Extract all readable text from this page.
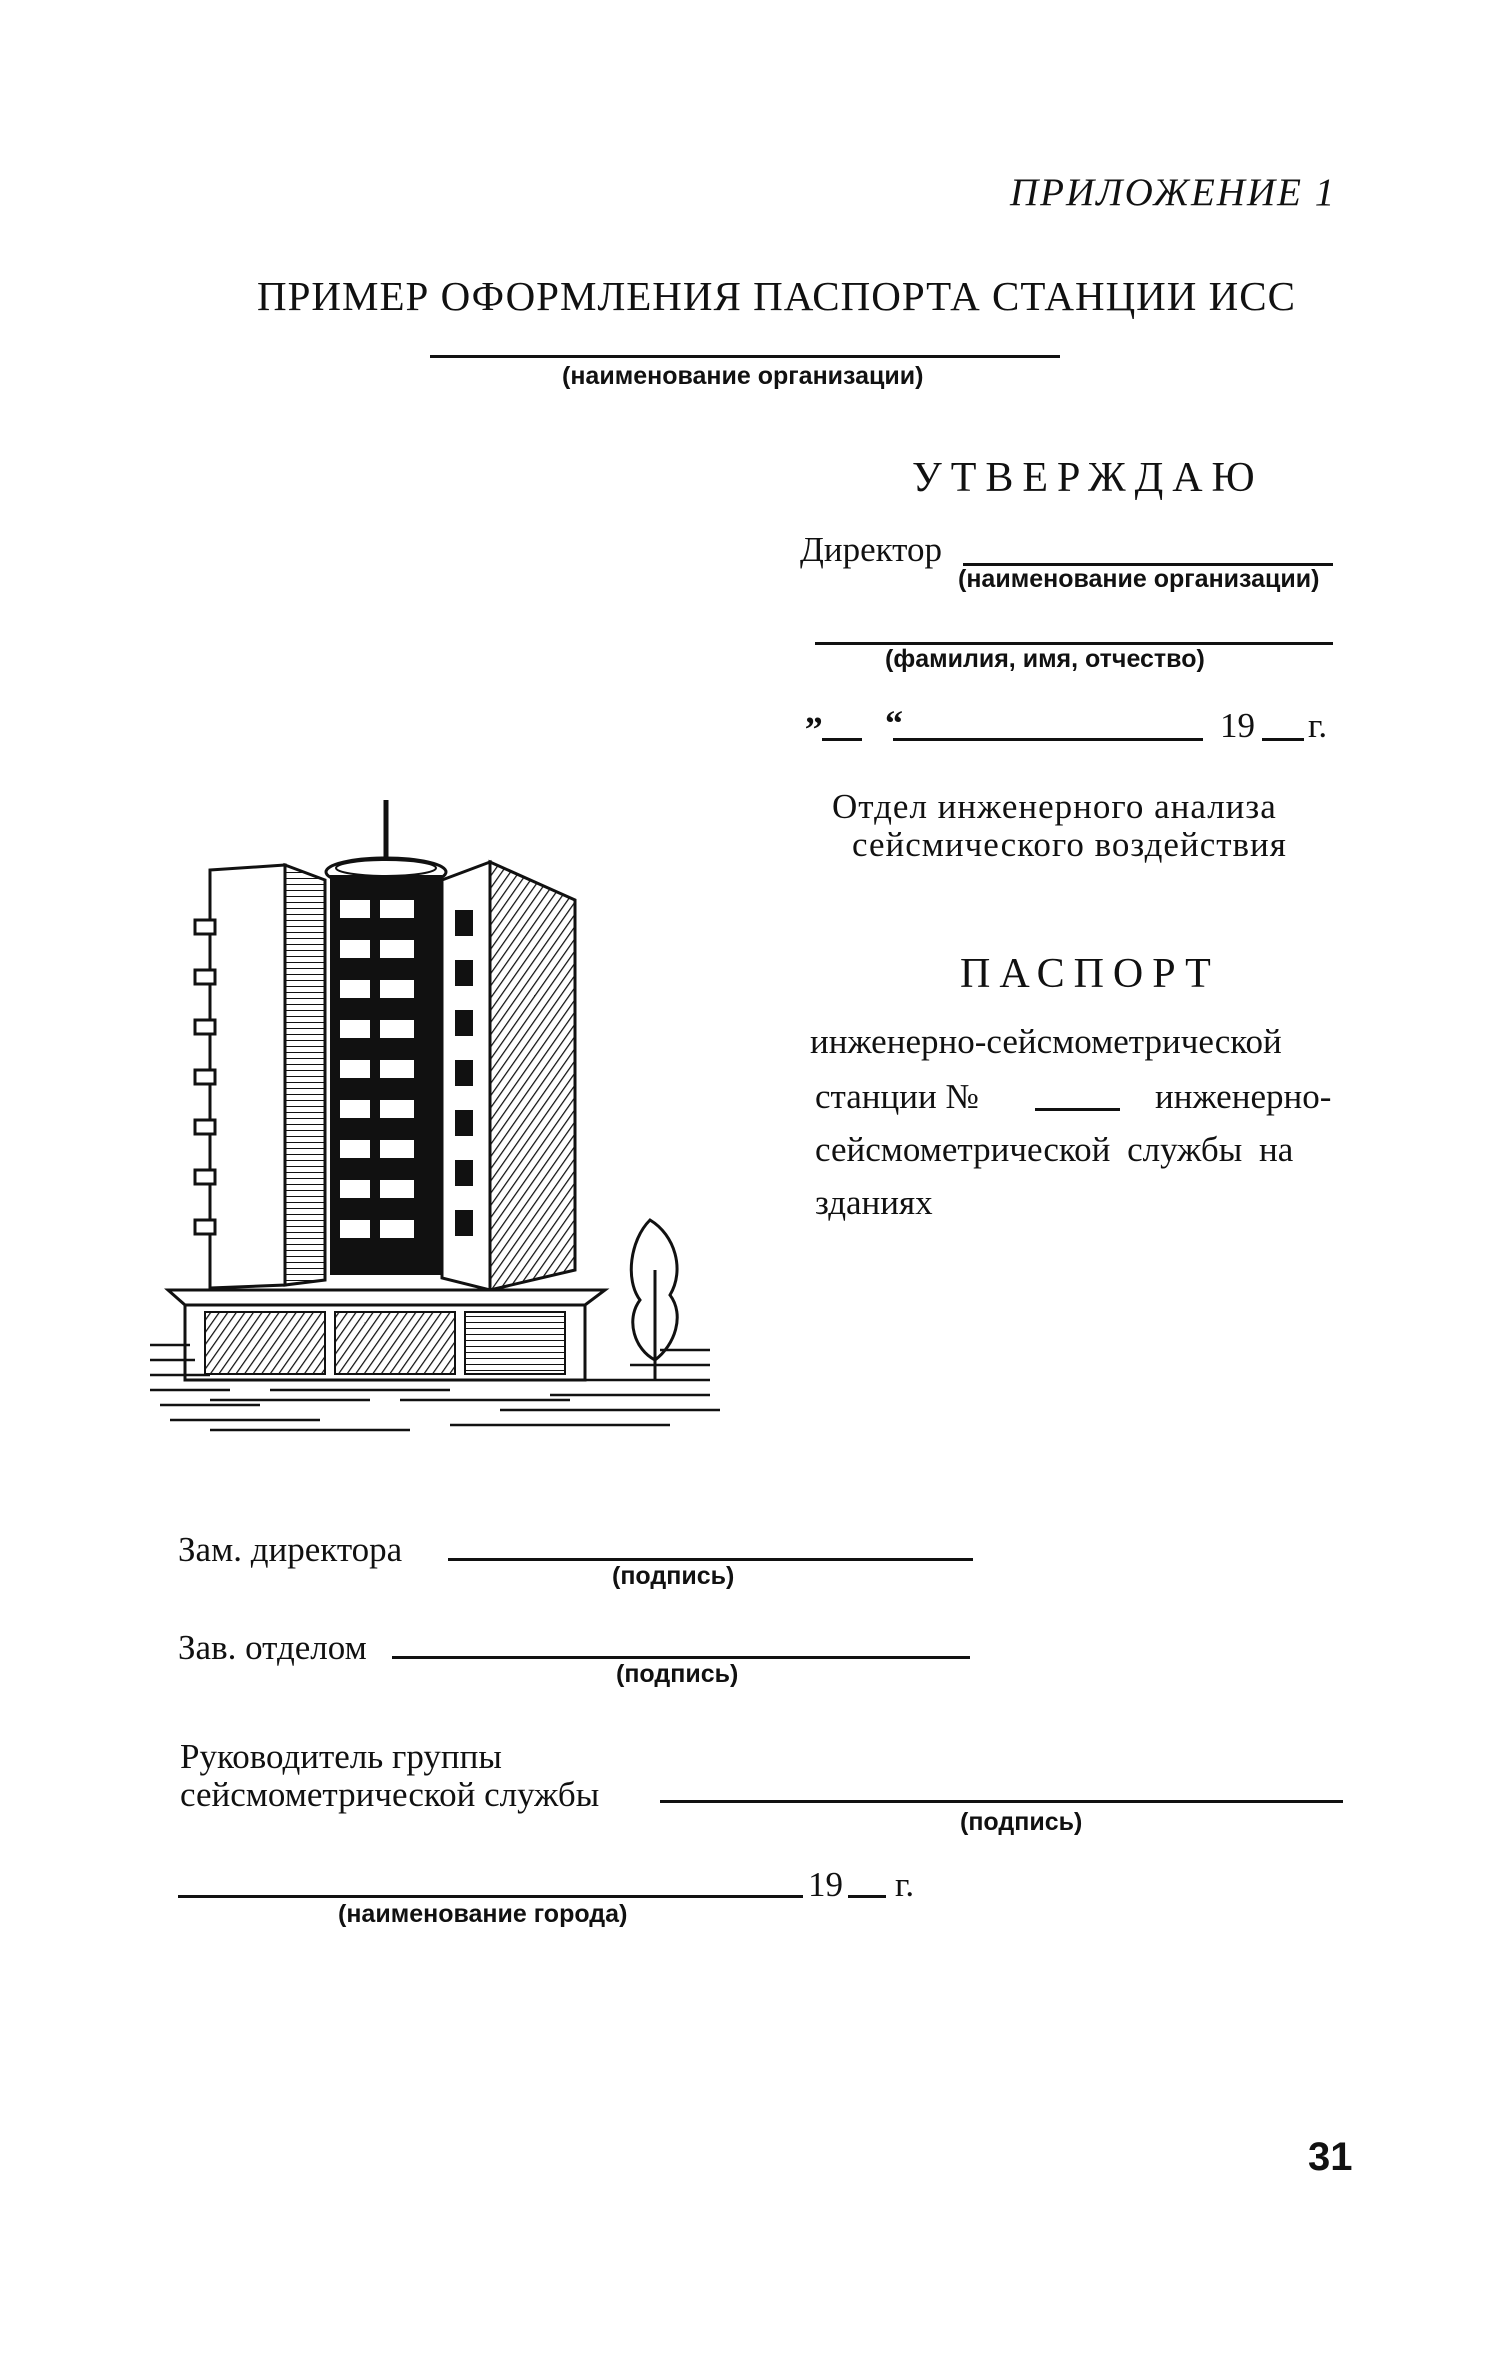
ПРИЛОЖЕНИЕ 1
ПРИМЕР ОФОРМЛЕНИЯ ПАСПОРТА СТАНЦИИ ИСС
(наименование организации)
УТВЕРЖДАЮ
Директор
(наименование организации)
(фамилия, имя, отчество)
„ “	19 г.
Отдел инженерного анализа
сейсмического воздействия
ПАСПОРТ
инженерно-сейсмометрической
станции №	инженерно-
сейсмометрической службы на
зданиях
Зам. директора
(подпись)
Зав. отделом
(подпись)
Руководитель группы
сейсмометрической службы
(подпись)
19 г.
(наименование города)
31
